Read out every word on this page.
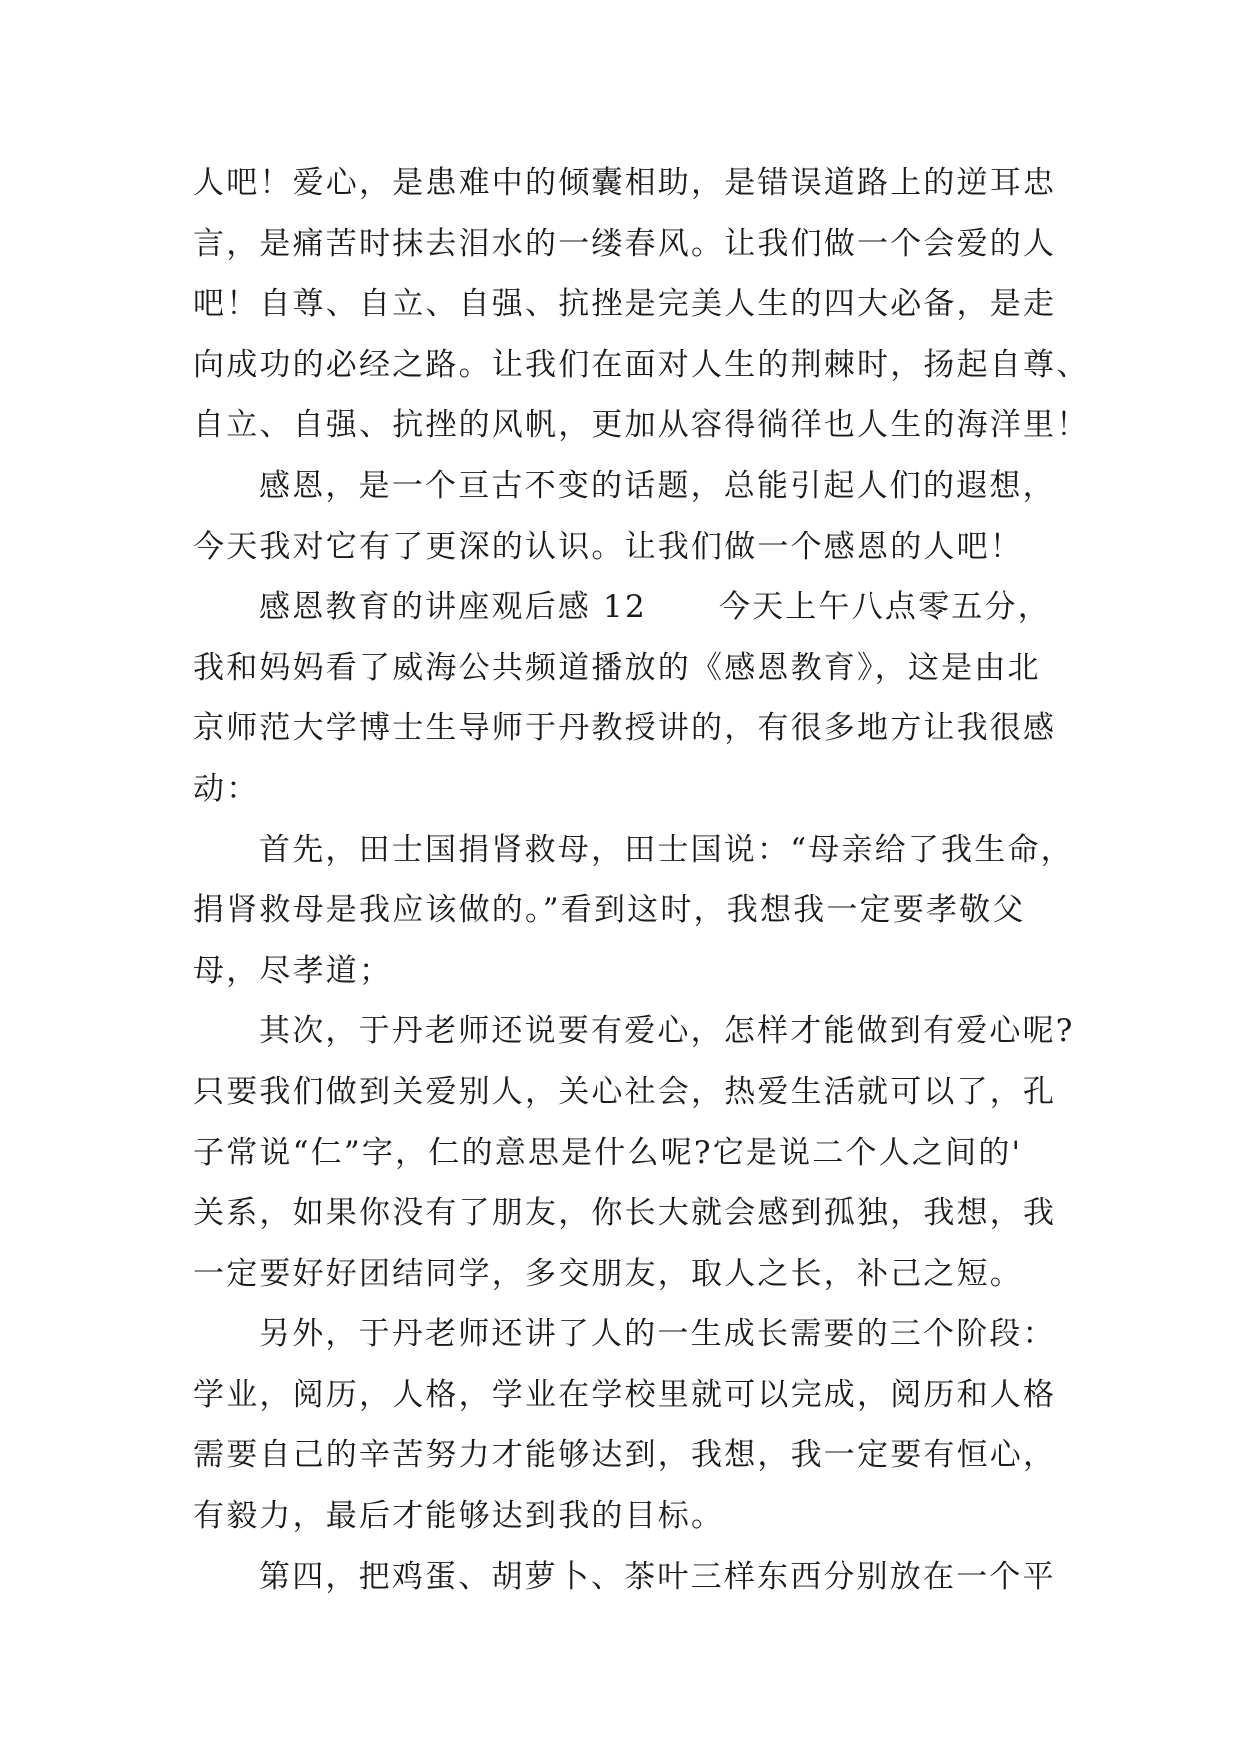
人吧！爱心，是患难中的倾囊相助，是错误道路上的逆耳忠
言，是痛苦时抹去泪水的一缕春风。让我们做一个会爱的人
吧！自尊、自立、自强、抗挫是完美人生的四大必备，是走
向成功的必经之路。让我们在面对人生的荆棘时，扬起自尊、
自立、自强、抗挫的风帆，更加从容得徜徉也人生的海洋里！
感恩，是一个亘古不变的话题，总能引起人们的遐想，
今天我对它有了更深的认识。让我们做一个感恩的人吧！
感恩教育的讲座观后感 12 今天上午八点零五分，
我和妈妈看了威海公共频道播放的《感恩教育》，这是由北
京师范大学博士生导师于丹教授讲的，有很多地方让我很感
动：
首先，田士国捐肾救母，田士国说：“母亲给了我生命，
捐肾救母是我应该做的。”看到这时，我想我一定要孝敬父
母，尽孝道；
其次，于丹老师还说要有爱心，怎样才能做到有爱心呢?
只要我们做到关爱别人，关心社会，热爱生活就可以了，孔
子常说“仁”字，仁的意思是什么呢?它是说二个人之间的'
关系，如果你没有了朋友，你长大就会感到孤独，我想，我
一定要好好团结同学，多交朋友，取人之长，补己之短。
另外，于丹老师还讲了人的一生成长需要的三个阶段：
学业，阅历，人格，学业在学校里就可以完成，阅历和人格
需要自己的辛苦努力才能够达到，我想，我一定要有恒心，
有毅力，最后才能够达到我的目标。
第四，把鸡蛋、胡萝卜、茶叶三样东西分别放在一个平
